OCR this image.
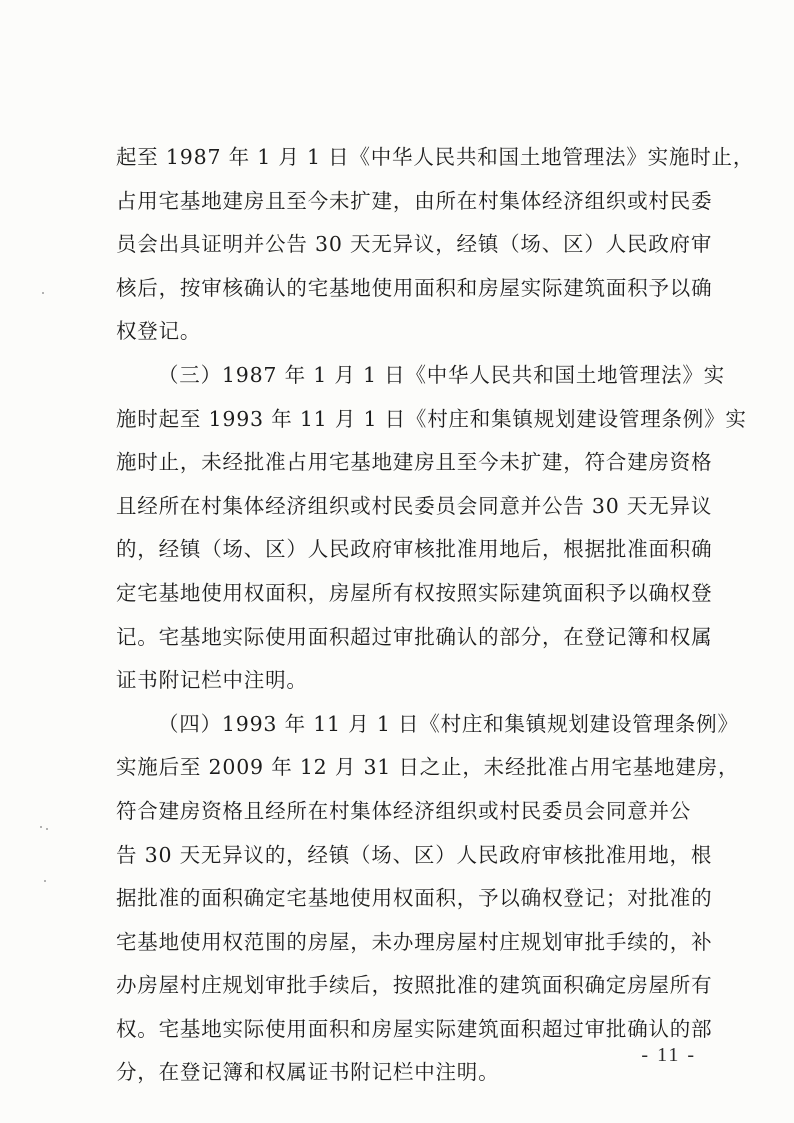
起至 1987 年 1 月 1 日《中华人民共和国土地管理法》实施时止，
占用宅基地建房且至今未扩建，由所在村集体经济组织或村民委
员会出具证明并公告 30 天无异议，经镇（场、区）人民政府审
核后，按审核确认的宅基地使用面积和房屋实际建筑面积予以确
权登记。

（三）1987 年 1 月 1 日《中华人民共和国土地管理法》实
施时起至 1993 年 11 月 1 日《村庄和集镇规划建设管理条例》实
施时止，未经批准占用宅基地建房且至今未扩建，符合建房资格
且经所在村集体经济组织或村民委员会同意并公告 30 天无异议
的，经镇（场、区）人民政府审核批准用地后，根据批准面积确
定宅基地使用权面积，房屋所有权按照实际建筑面积予以确权登
记。宅基地实际使用面积超过审批确认的部分，在登记簿和权属
证书附记栏中注明。

（四）1993 年 11 月 1 日《村庄和集镇规划建设管理条例》
实施后至 2009 年 12 月 31 日之止，未经批准占用宅基地建房，
符合建房资格且经所在村集体经济组织或村民委员会同意并公
告 30 天无异议的，经镇（场、区）人民政府审核批准用地，根
据批准的面积确定宅基地使用权面积，予以确权登记；对批准的
宅基地使用权范围的房屋，未办理房屋村庄规划审批手续的，补
办房屋村庄规划审批手续后，按照批准的建筑面积确定房屋所有
权。宅基地实际使用面积和房屋实际建筑面积超过审批确认的部
分，在登记簿和权属证书附记栏中注明。

- 11 -
